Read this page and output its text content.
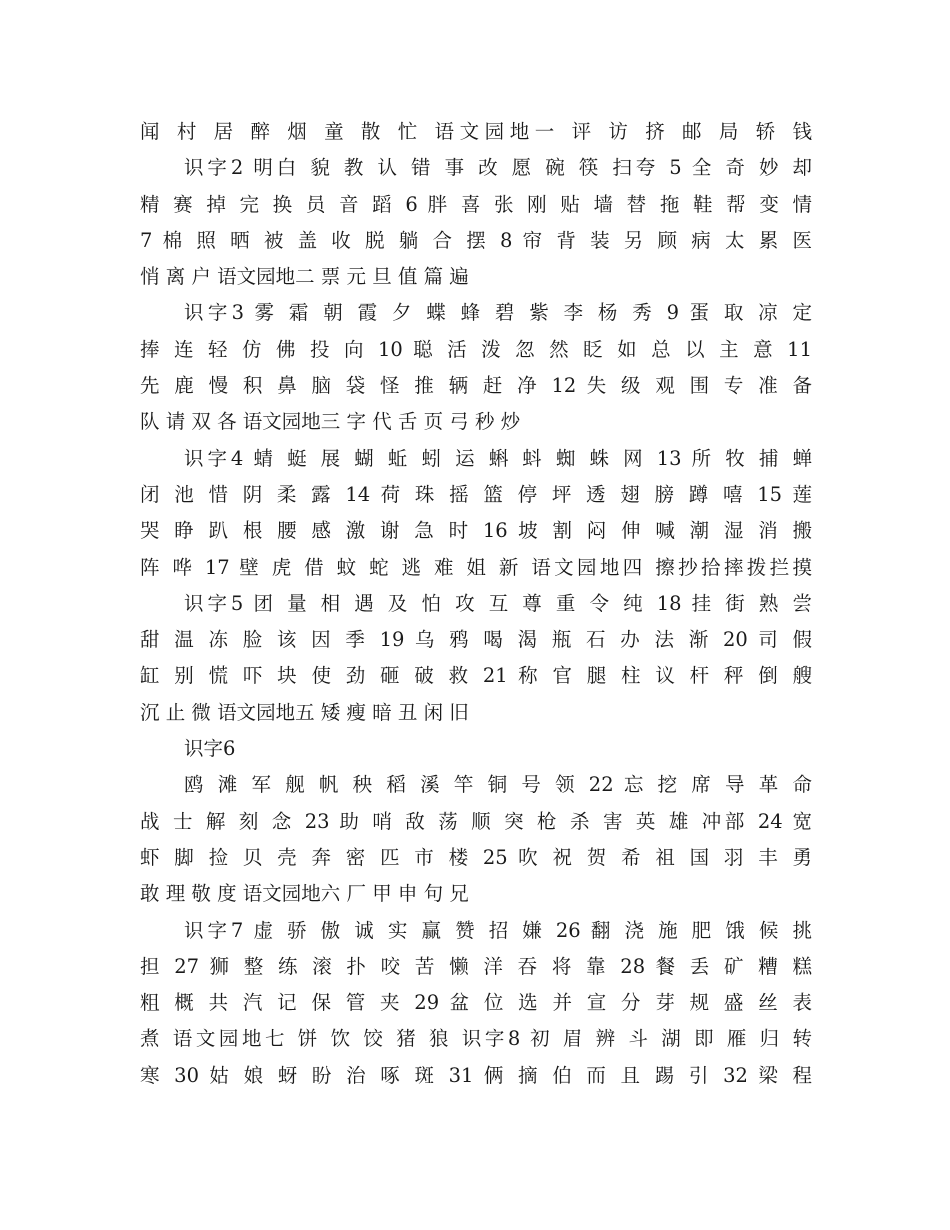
闻 村 居 醉 烟 童 散 忙 语文园地一 评 访 挤 邮 局 轿 钱
识字2 明白 貌 教 认 错 事 改 愿 碗 筷 扫夸 5 全 奇 妙 却
精 赛 掉 完 换 员 音 蹈 6 胖 喜 张 刚 贴 墙 替 拖 鞋 帮 变 情
7 棉 照 晒 被 盖 收 脱 躺 合 摆 8 帘 背 装 另 顾 病 太 累 医
悄 离 户 语文园地二 票 元 旦 值 篇 遍
识字3 雾 霜 朝 霞 夕 蝶 蜂 碧 紫 李 杨 秀 9 蛋 取 凉 定
捧 连 轻 仿 佛 投 向 10 聪 活 泼 忽 然 眨 如 总 以 主 意 11
先 鹿 慢 积 鼻 脑 袋 怪 推 辆 赶 净 12 失 级 观 围 专 准 备
队 请 双 各 语文园地三 字 代 舌 页 弓 秒 炒
识字4 蜻 蜓 展 蝴 蚯 蚓 运 蝌 蚪 蜘 蛛 网 13 所 牧 捕 蝉
闭 池 惜 阴 柔 露 14 荷 珠 摇 篮 停 坪 透 翅 膀 蹲 嘻 15 莲
哭 睁 趴 根 腰 感 激 谢 急 时 16 坡 割 闷 伸 喊 潮 湿 消 搬
阵 哗 17 壁 虎 借 蚊 蛇 逃 难 姐 新 语文园地四 擦抄拾摔拨拦摸
识字5 团 量 相 遇 及 怕 攻 互 尊 重 令 纯 18 挂 街 熟 尝
甜 温 冻 脸 该 因 季 19 乌 鸦 喝 渴 瓶 石 办 法 渐 20 司 假
缸 别 慌 吓 块 使 劲 砸 破 救 21 称 官 腿 柱 议 杆 秤 倒 艘
沉 止 微 语文园地五 矮 瘦 暗 丑 闲 旧
识字6
鸥 滩 军 舰 帆 秧 稻 溪 竿 铜 号 领 22 忘 挖 席 导 革 命
战 士 解 刻 念 23 助 哨 敌 荡 顺 突 枪 杀 害 英 雄 冲部 24 宽
虾 脚 捡 贝 壳 奔 密 匹 市 楼 25 吹 祝 贺 希 祖 国 羽 丰 勇
敢 理 敬 度 语文园地六 厂 甲 申 句 兄
识字7 虚 骄 傲 诚 实 赢 赞 招 嫌 26 翻 浇 施 肥 饿 候 挑
担 27 狮 整 练 滚 扑 咬 苦 懒 洋 吞 将 靠 28 餐 丢 矿 糟 糕
粗 概 共 汽 记 保 管 夹 29 盆 位 选 并 宣 分 芽 规 盛 丝 表
煮 语文园地七 饼 饮 饺 猪 狼 识字8 初 眉 辨 斗 湖 即 雁 归 转
寒 30 姑 娘 蚜 盼 治 啄 斑 31 俩 摘 伯 而 且 踢 引 32 梁 程
